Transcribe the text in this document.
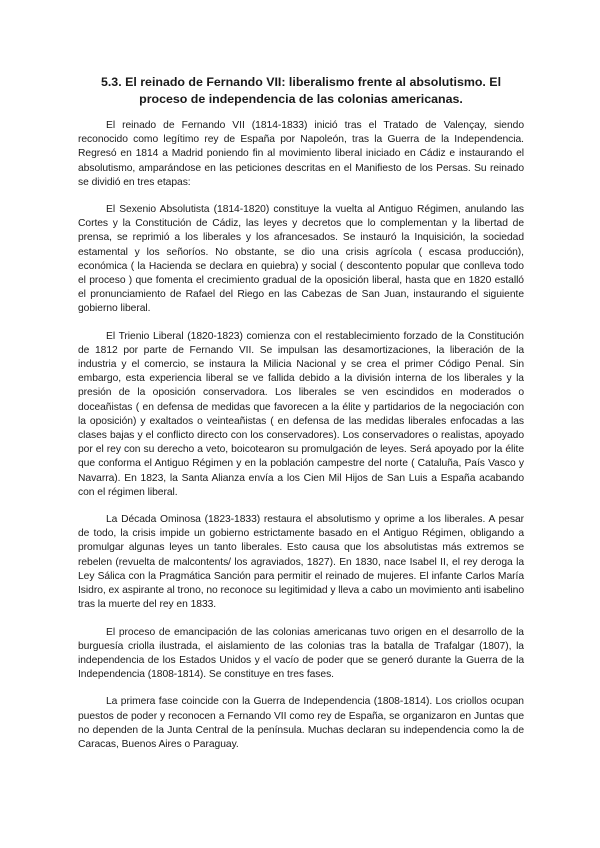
5.3. El reinado de Fernando VII: liberalismo frente al absolutismo. El proceso de independencia de las colonias americanas.

El reinado de Fernando VII (1814-1833) inició tras el Tratado de Valençay, siendo reconocido como legítimo rey de España por Napoleón, tras la Guerra de la Independencia. Regresó en 1814 a Madrid poniendo fin al movimiento liberal iniciado en Cádiz e instaurando el absolutismo, amparándose en las peticiones descritas en el Manifiesto de los Persas. Su reinado se dividió en tres etapas:

El Sexenio Absolutista (1814-1820) constituye la vuelta al Antiguo Régimen, anulando las Cortes y la Constitución de Cádiz, las leyes y decretos que lo complementan y la libertad de prensa, se reprimió a los liberales y los afrancesados. Se instauró la Inquisición, la sociedad estamental y los señoríos. No obstante, se dio una crisis agrícola ( escasa producción), económica ( la Hacienda se declara en quiebra) y social ( descontento popular que conlleva todo el proceso ) que fomenta el crecimiento gradual de la oposición liberal, hasta que en 1820 estalló el pronunciamiento de Rafael del Riego en las Cabezas de San Juan, instaurando el siguiente gobierno liberal.

El Trienio Liberal (1820-1823) comienza con el restablecimiento forzado de la Constitución de 1812 por parte de Fernando VII. Se impulsan las desamortizaciones, la liberación de la industria y el comercio, se instaura la Milicia Nacional y se crea el primer Código Penal. Sin embargo, esta experiencia liberal se ve fallida debido a la división interna de los liberales y la presión de la oposición conservadora. Los liberales se ven escindidos en moderados o doceañistas ( en defensa de medidas que favorecen a la élite y partidarios de la negociación con la oposición) y exaltados o veinteañistas ( en defensa de las medidas liberales enfocadas a las clases bajas y el conflicto directo con los conservadores). Los conservadores o realistas, apoyado por el rey con su derecho a veto, boicotearon su promulgación de leyes. Será apoyado por la élite que conforma el Antiguo Régimen y en la población campestre del norte ( Cataluña, País Vasco y Navarra). En 1823, la Santa Alianza envía a los Cien Mil Hijos de San Luis a España acabando con el régimen liberal.

La Década Ominosa (1823-1833) restaura el absolutismo y oprime a los liberales. A pesar de todo, la crisis impide un gobierno estrictamente basado en el Antiguo Régimen, obligando a promulgar algunas leyes un tanto liberales. Esto causa que los absolutistas más extremos se rebelen (revuelta de malcontents/ los agraviados, 1827). En 1830, nace Isabel II, el rey deroga la Ley Sálica con la Pragmática Sanción para permitir el reinado de mujeres. El infante Carlos María Isidro, ex aspirante al trono, no reconoce su legitimidad y lleva a cabo un movimiento anti isabelino tras la muerte del rey en 1833.

El proceso de emancipación de las colonias americanas tuvo origen en el desarrollo de la burguesía criolla ilustrada, el aislamiento de las colonias tras la batalla de Trafalgar (1807), la independencia de los Estados Unidos y el vacío de poder que se generó durante la Guerra de la Independencia (1808-1814). Se constituye en tres fases.

La primera fase coincide con la Guerra de Independencia (1808-1814). Los criollos ocupan puestos de poder y reconocen a Fernando VII como rey de España, se organizaron en Juntas que no dependen de la Junta Central de la península. Muchas declaran su independencia como la de Caracas, Buenos Aires o Paraguay.
